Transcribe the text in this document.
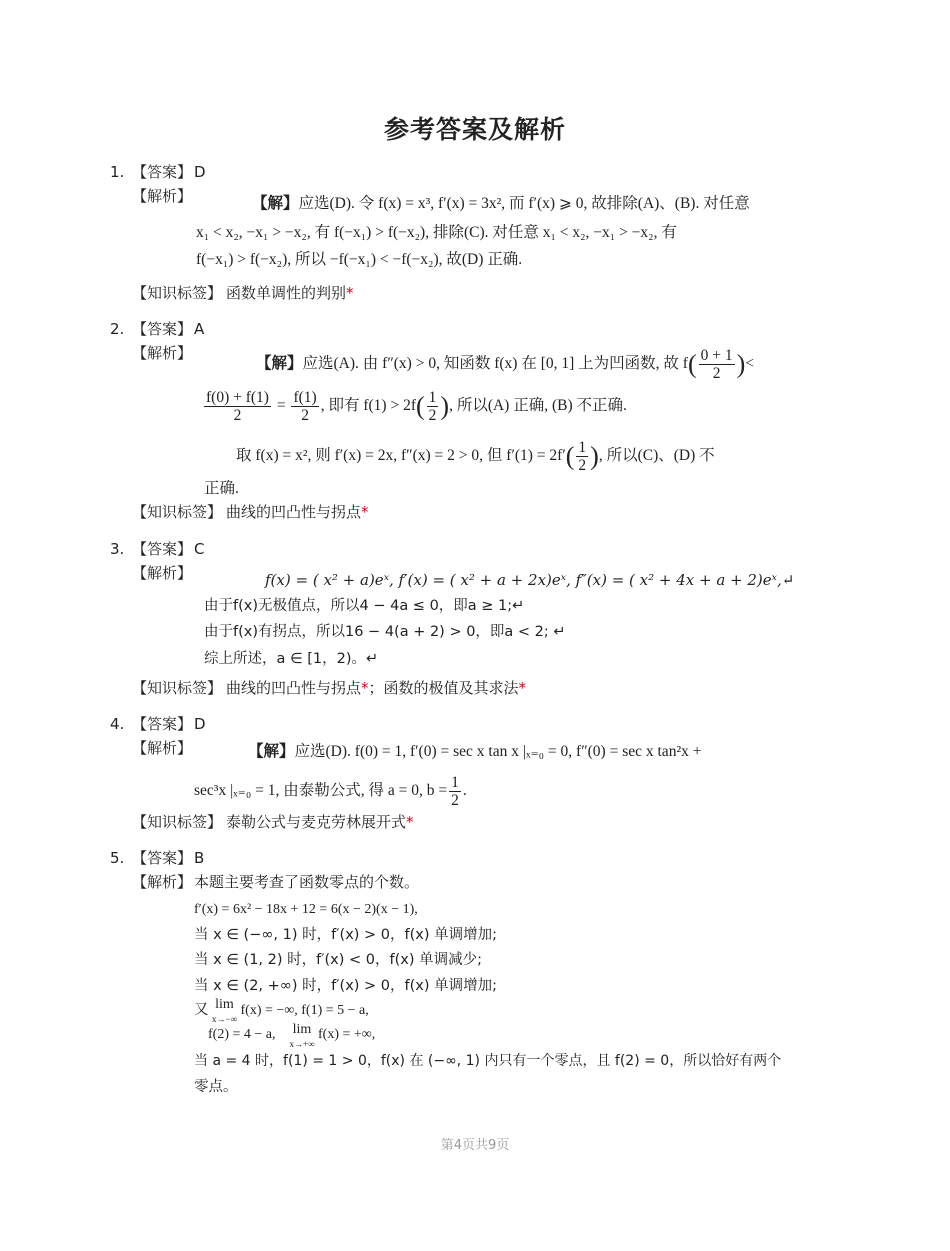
参考答案及解析
1. 【答案】 D
【解析】	【解】应选(D). 令 f(x) = x³, f′(x) = 3x², 而 f′(x) ⩾ 0, 故排除(A)、(B). 对任意
x₁ < x₂, −x₁ > −x₂, 有 f(−x₁) > f(−x₂), 排除(C). 对任意 x₁ < x₂, −x₁ > −x₂, 有
f(−x₁) > f(−x₂), 所以 −f(−x₁) < −f(−x₂), 故(D) 正确.
【知识标签】 函数单调性的判别*
2. 【答案】 A
【解析】
【解】应选(A). 由 f″(x) > 0, 知函数 f(x) 在 [0, 1] 上为凹函数, 故 $f( \frac{0 + 1}{2}$ )<
$\frac{f(0) + f(1)}{2} = \frac{f(1)}{2}$ , 即有 $f(1) > 2f( \frac{1}{2}$ ), 所以(A) 正确, (B) 不正确.
取 f(x) = x², 则 f′(x) = 2x, f″(x) = 2 > 0, 但 $f'(1) = 2f'( \frac{1}{2}$ ), 所以(C)、(D) 不
正确.
【知识标签】 曲线的凹凸性与拐点*
3. 【答案】 C
【解析】	f(x) = ( x² + a)eˣ, f′(x) = ( x² + a + 2x)eˣ, f″(x) = ( x² + 4x + a + 2)eˣ,↵
由于f(x)无极值点，所以4 − 4a ≤ 0，即a ≥ 1;↵
由于f(x)有拐点，所以16 − 4(a + 2) > 0，即a < 2; ↵
综上所述，a ∈ [1，2)。↵
【知识标签】 曲线的凹凸性与拐点*；函数的极值及其求法*
4. 【答案】 D
【解析】	【解】应选(D). f(0) = 1, f′(0) = sec x tan x |ₓ₌₀ = 0, f″(0) = sec x tan²x +
sec³x |ₓ₌₀ = 1, 由泰勒公式, 得 a = 0, $b = \frac{1}{2}$ .
【知识标签】 泰勒公式与麦克劳林展开式*
5. 【答案】 B
【解析】 本题主要考查了函数零点的个数。
f′(x) = 6x² − 18x + 12 = 6(x − 2)(x − 1),
当 x ∈ (−∞, 1) 时，f′(x) > 0，f(x) 单调增加;
当 x ∈ (1, 2) 时，f′(x) < 0，f(x) 单调减少;
当 x ∈ (2, +∞) 时，f′(x) > 0，f(x) 单调增加;
又 lim
x→−∞
f(x) = −∞, f(1) = 5 − a,
f(2) = 4 − a, lim
x→+∞
f(x) = +∞,
当 a = 4 时，f(1) = 1 > 0，f(x) 在 (−∞, 1) 内只有一个零点，且 f(2) = 0，所以恰好有两个
零点。
第4页共9页
